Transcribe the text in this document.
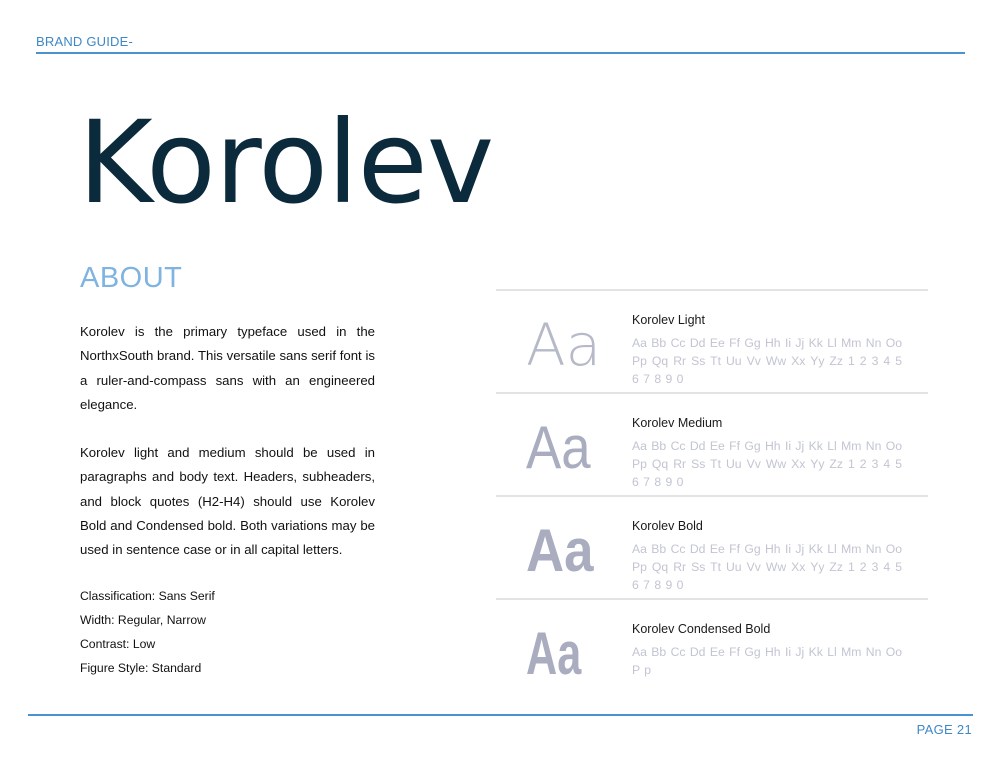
BRAND GUIDE-
Korolev
ABOUT

Korolev is the primary typeface used in the NorthxSouth brand. This versatile sans serif font is a ruler-and-compass sans with an engineered elegance.

Korolev light and medium should be used in paragraphs and body text. Headers, subheaders, and block quotes (H2-H4) should use Korolev Bold and Condensed bold. Both variations may be used in sentence case or in all capital letters.

Classification: Sans Serif
Width: Regular, Narrow
Contrast: Low
Figure Style: Standard
Aa Korolev Light
Aa Bb Cc Dd Ee Ff Gg Hh Ii Jj Kk Ll Mm Nn Oo Pp Qq Rr Ss Tt Uu Vv Ww Xx Yy Zz 1 2 3 4 5 6 7 8 9 0
Aa	Korolev Medium
Aa Bb Cc Dd Ee Ff Gg Hh Ii Jj Kk Ll Mm Nn Oo Pp Qq Rr Ss Tt Uu Vv Ww Xx Yy Zz 1 2 3 4 5 6 7 8 9 0
Aa	Korolev Bold
Aa Bb Cc Dd Ee Ff Gg Hh Ii Jj Kk Ll Mm Nn Oo Pp Qq Rr Ss Tt Uu Vv Ww Xx Yy Zz 1 2 3 4 5 6 7 8 9 0
Aa	Korolev Condensed Bold
Aa Bb Cc Dd Ee Ff Gg Hh Ii Jj Kk Ll Mm Nn Oo P p
PAGE 21
